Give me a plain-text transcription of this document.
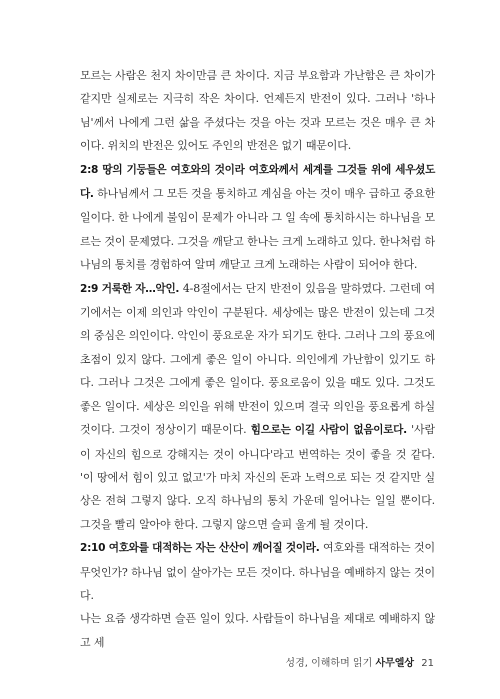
모르는 사람은 천지 차이만큼 큰 차이다. 지금 부요함과 가난함은 큰 차이가 같지만 실제로는 지극히 작은 차이다. 언제든지 반전이 있다. 그러나 '하나님'께서 나에게 그런 삶을 주셨다는 것을 아는 것과 모르는 것은 매우 큰 차이다. 위치의 반전은 있어도 주인의 반전은 없기 때문이다.

2:8 땅의 기둥들은 여호와의 것이라 여호와께서 세계를 그것들 위에 세우셨도다. 하나님께서 그 모든 것을 통치하고 계심을 아는 것이 매우 급하고 중요한 일이다. 한 나에게 불임이 문제가 아니라 그 일 속에 통치하시는 하나님을 모르는 것이 문제였다. 그것을 깨닫고 한나는 크게 노래하고 있다. 한나처럼 하나님의 통치를 경험하여 알며 깨닫고 크게 노래하는 사람이 되어야 한다.

2:9 거룩한 자…악인. 4-8절에서는 단지 반전이 있음을 말하였다. 그런데 여기에서는 이제 의인과 악인이 구분된다. 세상에는 많은 반전이 있는데 그것의 중심은 의인이다. 악인이 풍요로운 자가 되기도 한다. 그러나 그의 풍요에 초점이 있지 않다. 그에게 좋은 일이 아니다. 의인에게 가난함이 있기도 하다. 그러나 그것은 그에게 좋은 일이다. 풍요로움이 있을 때도 있다. 그것도 좋은 일이다. 세상은 의인을 위해 반전이 있으며 결국 의인을 풍요롭게 하실 것이다. 그것이 정상이기 때문이다. 힘으로는 이길 사람이 없음이로다. '사람이 자신의 힘으로 강해지는 것이 아니다'라고 번역하는 것이 좋을 것 같다. '이 땅에서 힘이 있고 없고'가 마치 자신의 돈과 노력으로 되는 것 같지만 실상은 전혀 그렇지 않다. 오직 하나님의 통치 가운데 일어나는 일일 뿐이다. 그것을 빨리 알아야 한다. 그렇지 않으면 슬피 울게 될 것이다.

2:10 여호와를 대적하는 자는 산산이 깨어질 것이라. 여호와를 대적하는 것이 무엇인가? 하나님 없이 살아가는 모든 것이다. 하나님을 예배하지 않는 것이다.

나는 요즘 생각하면 슬픈 일이 있다. 사람들이 하나님을 제대로 예배하지 않고 세

성경, 이해하며 읽기 사무엘상 21
